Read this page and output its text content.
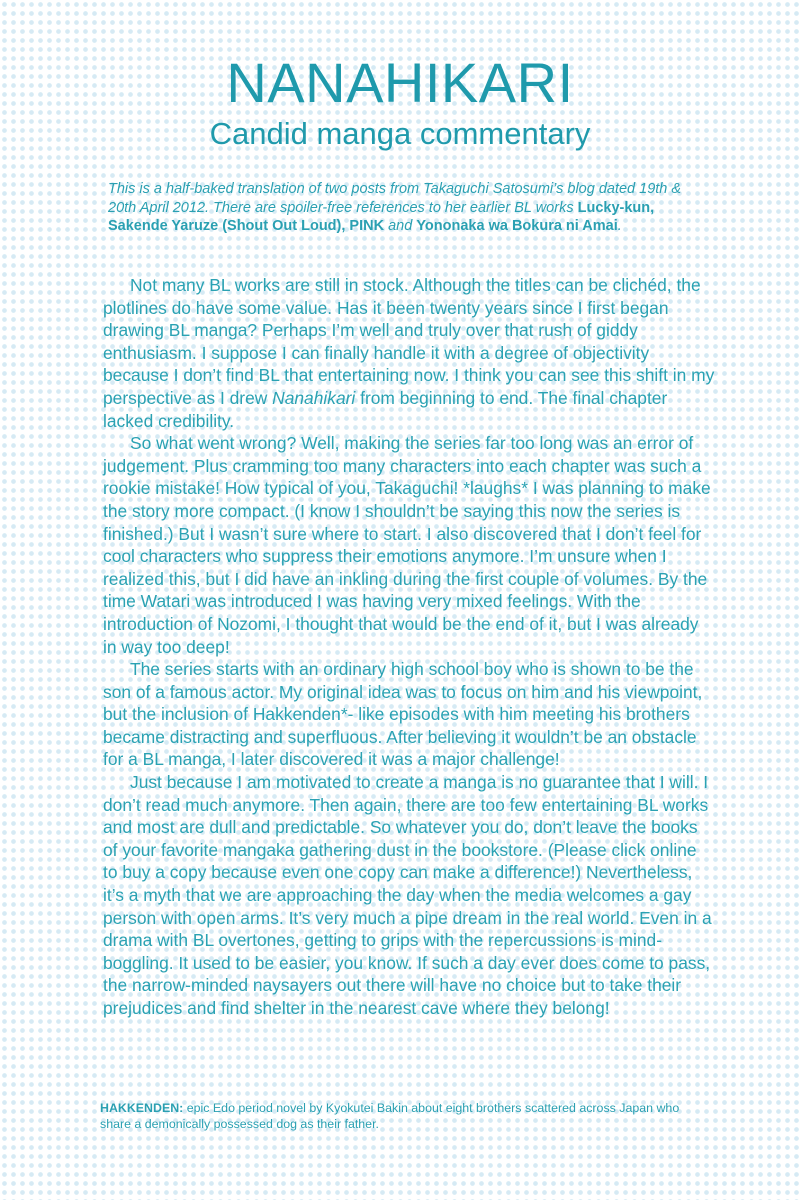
NANAHIKARI
Candid manga commentary

This is a half-baked translation of two posts from Takaguchi Satosumi’s blog dated 19th & 20th April 2012. There are spoiler-free references to her earlier BL works Lucky-kun, Sakende Yaruze (Shout Out Loud), PINK and Yononaka wa Bokura ni Amai.

Not many BL works are still in stock. Although the titles can be clichéd, the plotlines do have some value. Has it been twenty years since I first began drawing BL manga? Perhaps I’m well and truly over that rush of giddy enthusiasm. I suppose I can finally handle it with a degree of objectivity because I don’t find BL that entertaining now. I think you can see this shift in my perspective as I drew Nanahikari from beginning to end. The final chapter lacked credibility.

So what went wrong? Well, making the series far too long was an error of judgement. Plus cramming too many characters into each chapter was such a rookie mistake! How typical of you, Takaguchi! *laughs* I was planning to make the story more compact. (I know I shouldn’t be saying this now the series is finished.) But I wasn’t sure where to start. I also discovered that I don’t feel for cool characters who suppress their emotions anymore. I’m unsure when I realized this, but I did have an inkling during the first couple of volumes. By the time Watari was introduced I was having very mixed feelings. With the introduction of Nozomi, I thought that would be the end of it, but I was already in way too deep!

The series starts with an ordinary high school boy who is shown to be the son of a famous actor. My original idea was to focus on him and his viewpoint, but the inclusion of Hakkenden*- like episodes with him meeting his brothers became distracting and superfluous. After believing it wouldn’t be an obstacle for a BL manga, I later discovered it was a major challenge!

Just because I am motivated to create a manga is no guarantee that I will. I don’t read much anymore. Then again, there are too few entertaining BL works and most are dull and predictable. So whatever you do, don’t leave the books of your favorite mangaka gathering dust in the bookstore. (Please click online to buy a copy because even one copy can make a difference!) Nevertheless, it’s a myth that we are approaching the day when the media welcomes a gay person with open arms. It’s very much a pipe dream in the real world. Even in a drama with BL overtones, getting to grips with the repercussions is mind-boggling. It used to be easier, you know. If such a day ever does come to pass, the narrow-minded naysayers out there will have no choice but to take their prejudices and find shelter in the nearest cave where they belong!

HAKKENDEN: epic Edo period novel by Kyokutei Bakin about eight brothers scattered across Japan who share a demonically possessed dog as their father.
